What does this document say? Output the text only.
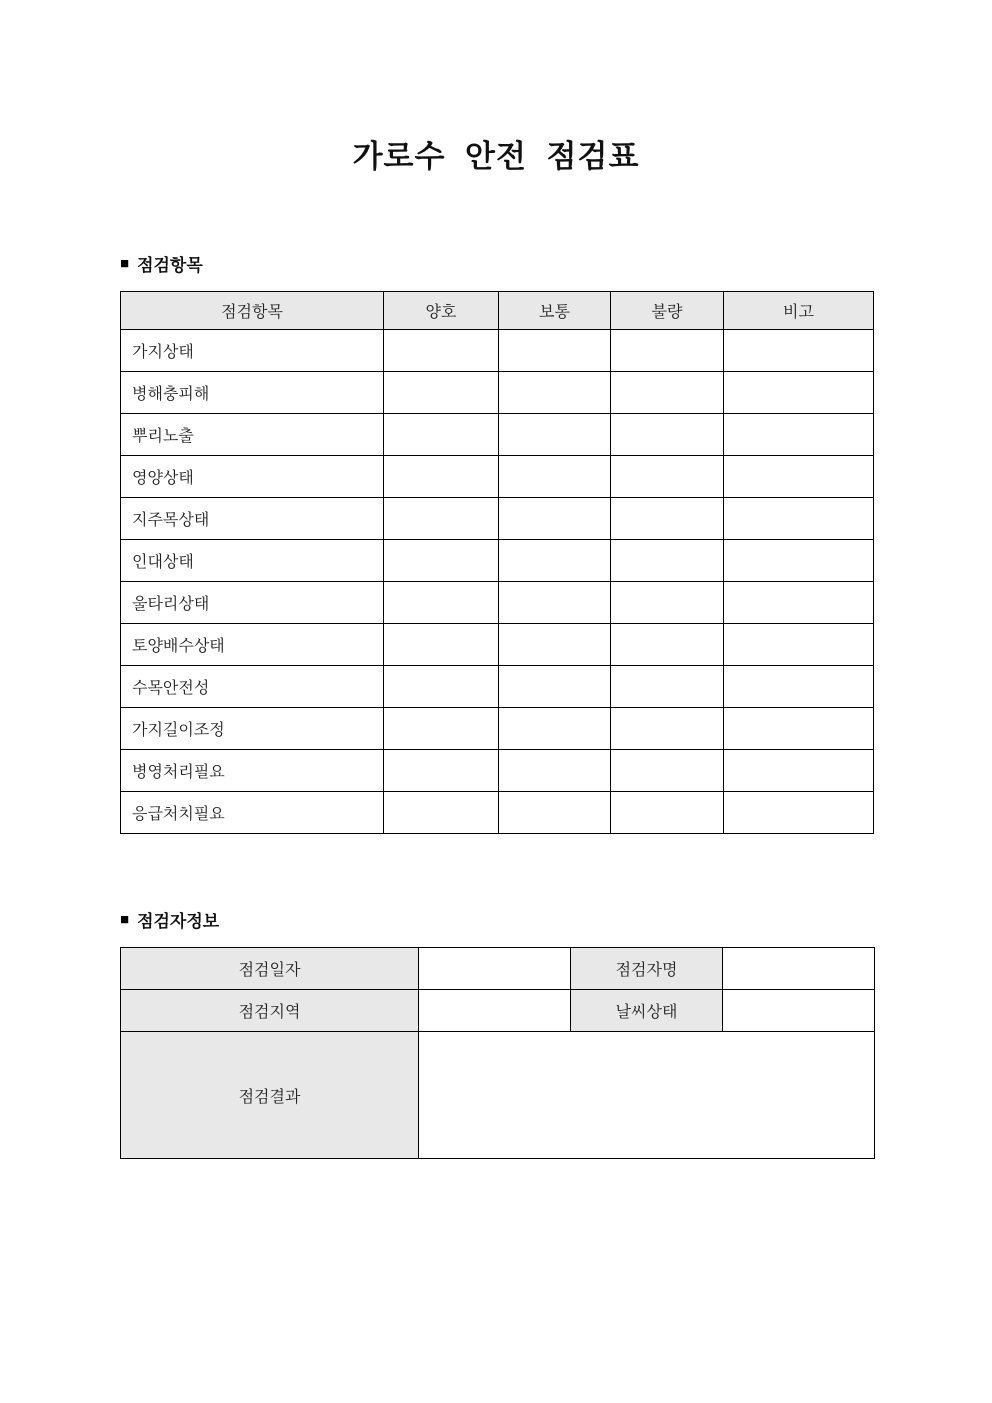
가로수 안전 점검표
■ 점검항목
점검항목	양호	보통	불량	비고
가지상태				
병해충피해				
뿌리노출				
영양상태				
지주목상태				
인대상태				
울타리상태				
토양배수상태				
수목안전성				
가지길이조정				
병영처리필요				
응급처치필요				
■ 점검자정보
점검일자		점검자명	
점검지역		날씨상태	
점검결과			
